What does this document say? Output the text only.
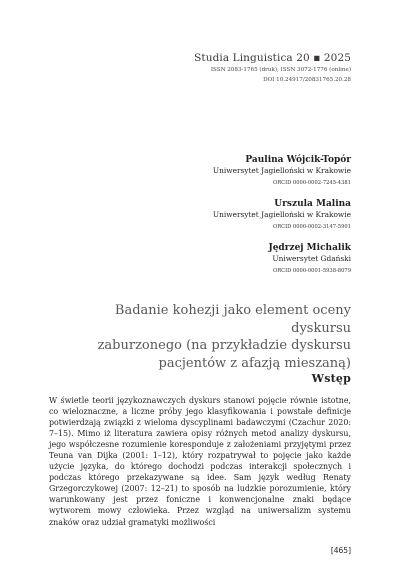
Studia Linguistica 20 ▪ 2025
ISSN 2083-1765 (druk), ISSN 3072-1776 (online)
DOI 10.24917/20831765.20.28
Paulina Wójcik-Topór
Uniwersytet Jagielloński w Krakowie
ORCID 0000-0002-7245-4381
Urszula Malina
Uniwersytet Jagielloński w Krakowie
ORCID 0000-0002-3147-5901
Jędrzej Michalik
Uniwersytet Gdański
ORCID 0000-0001-5938-8079
Badanie kohezji jako element oceny dyskursu
zaburzonego (na przykładzie dyskursu
pacjentów z afazją mieszaną)
Wstęp

W świetle teorii językoznawczych dyskurs stanowi pojęcie równie istotne, co wieloznaczne, a liczne próby jego klasyfikowania i powstałe definicje potwierdzają związki z wieloma dyscyplinami badawczymi (Czachur 2020: 7–15). Mimo iż literatura zawiera opisy różnych metod analizy dyskursu, jego współczesne rozumienie koresponduje z założeniami przyjętymi przez Teuna van Dijka (2001: 1–12), który rozpatrywał to pojęcie jako każde użycie języka, do którego dochodzi podczas interakcji społecznych i podczas którego przekazywane są idee. Sam język według Renaty Grzegorczykowej (2007: 12–21) to sposób na ludzkie porozumienie, który warunkowany jest przez foniczne i konwencjonalne znaki będące wytworem mowy człowieka. Przez wzgląd na uniwersalizm systemu znaków oraz udział gramatyki możliwości

[465]
